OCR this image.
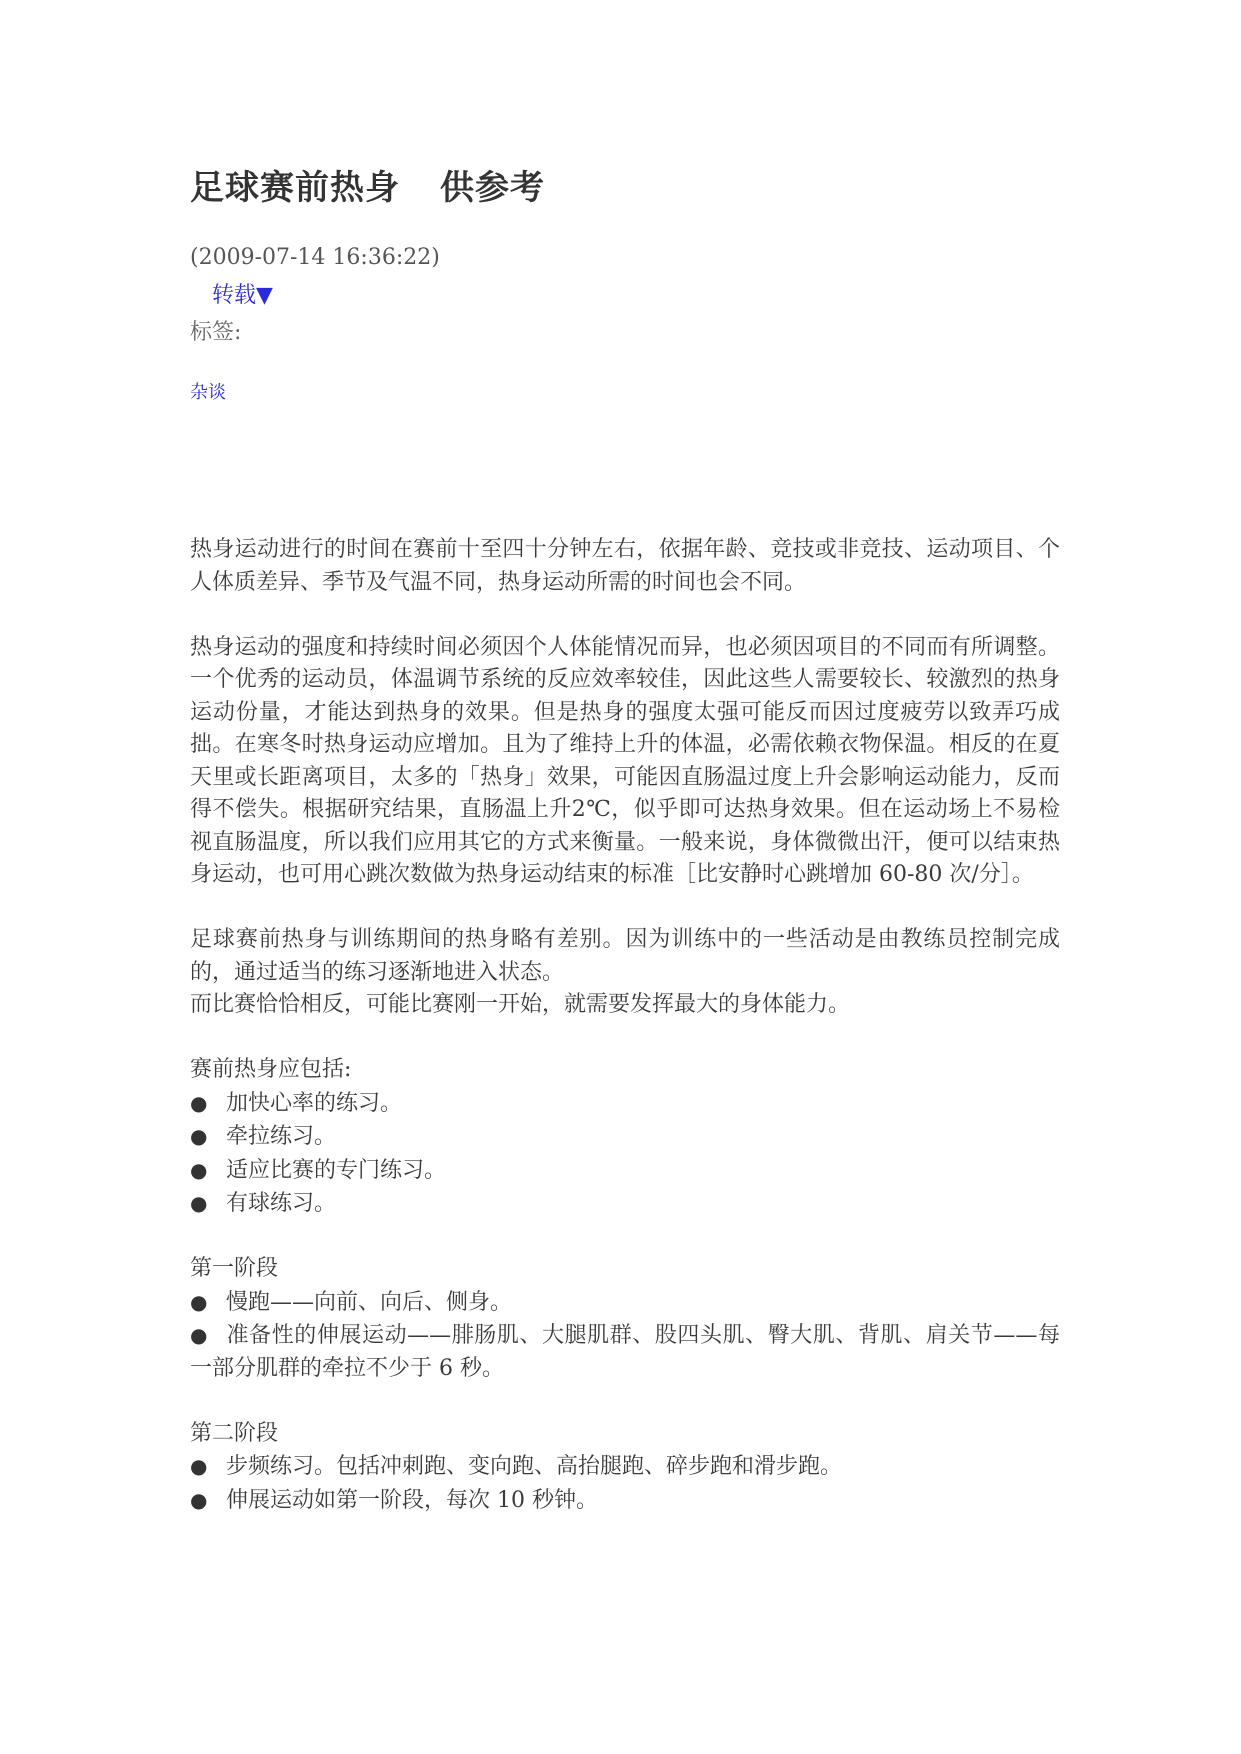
足球赛前热身 供参考
(2009-07-14 16:36:22)
转载▼
标签:
杂谈

热身运动进行的时间在赛前十至四十分钟左右，依据年龄、竞技或非竞技、运动项目、个人体质差异、季节及气温不同，热身运动所需的时间也会不同。

热身运动的强度和持续时间必须因个人体能情况而异，也必须因项目的不同而有所调整。一个优秀的运动员，体温调节系统的反应效率较佳，因此这些人需要较长、较激烈的热身运动份量，才能达到热身的效果。但是热身的强度太强可能反而因过度疲劳以致弄巧成拙。在寒冬时热身运动应增加。且为了维持上升的体温，必需依赖衣物保温。相反的在夏天里或长距离项目，太多的「热身」效果，可能因直肠温过度上升会影响运动能力，反而得不偿失。根据研究结果，直肠温上升2℃，似乎即可达热身效果。但在运动场上不易检视直肠温度，所以我们应用其它的方式来衡量。一般来说，身体微微出汗，便可以结束热身运动，也可用心跳次数做为热身运动结束的标准［比安静时心跳增加 60-80 次/分］。

足球赛前热身与训练期间的热身略有差别。因为训练中的一些活动是由教练员控制完成的，通过适当的练习逐渐地进入状态。
而比赛恰恰相反，可能比赛刚一开始，就需要发挥最大的身体能力。

赛前热身应包括:
● 加快心率的练习。
● 牵拉练习。
● 适应比赛的专门练习。
● 有球练习。

第一阶段
● 慢跑——向前、向后、侧身。
● 准备性的伸展运动——腓肠肌、大腿肌群、股四头肌、臀大肌、背肌、肩关节——每一部分肌群的牵拉不少于 6 秒。

第二阶段
● 步频练习。包括冲刺跑、变向跑、高抬腿跑、碎步跑和滑步跑。
● 伸展运动如第一阶段，每次 10 秒钟。
